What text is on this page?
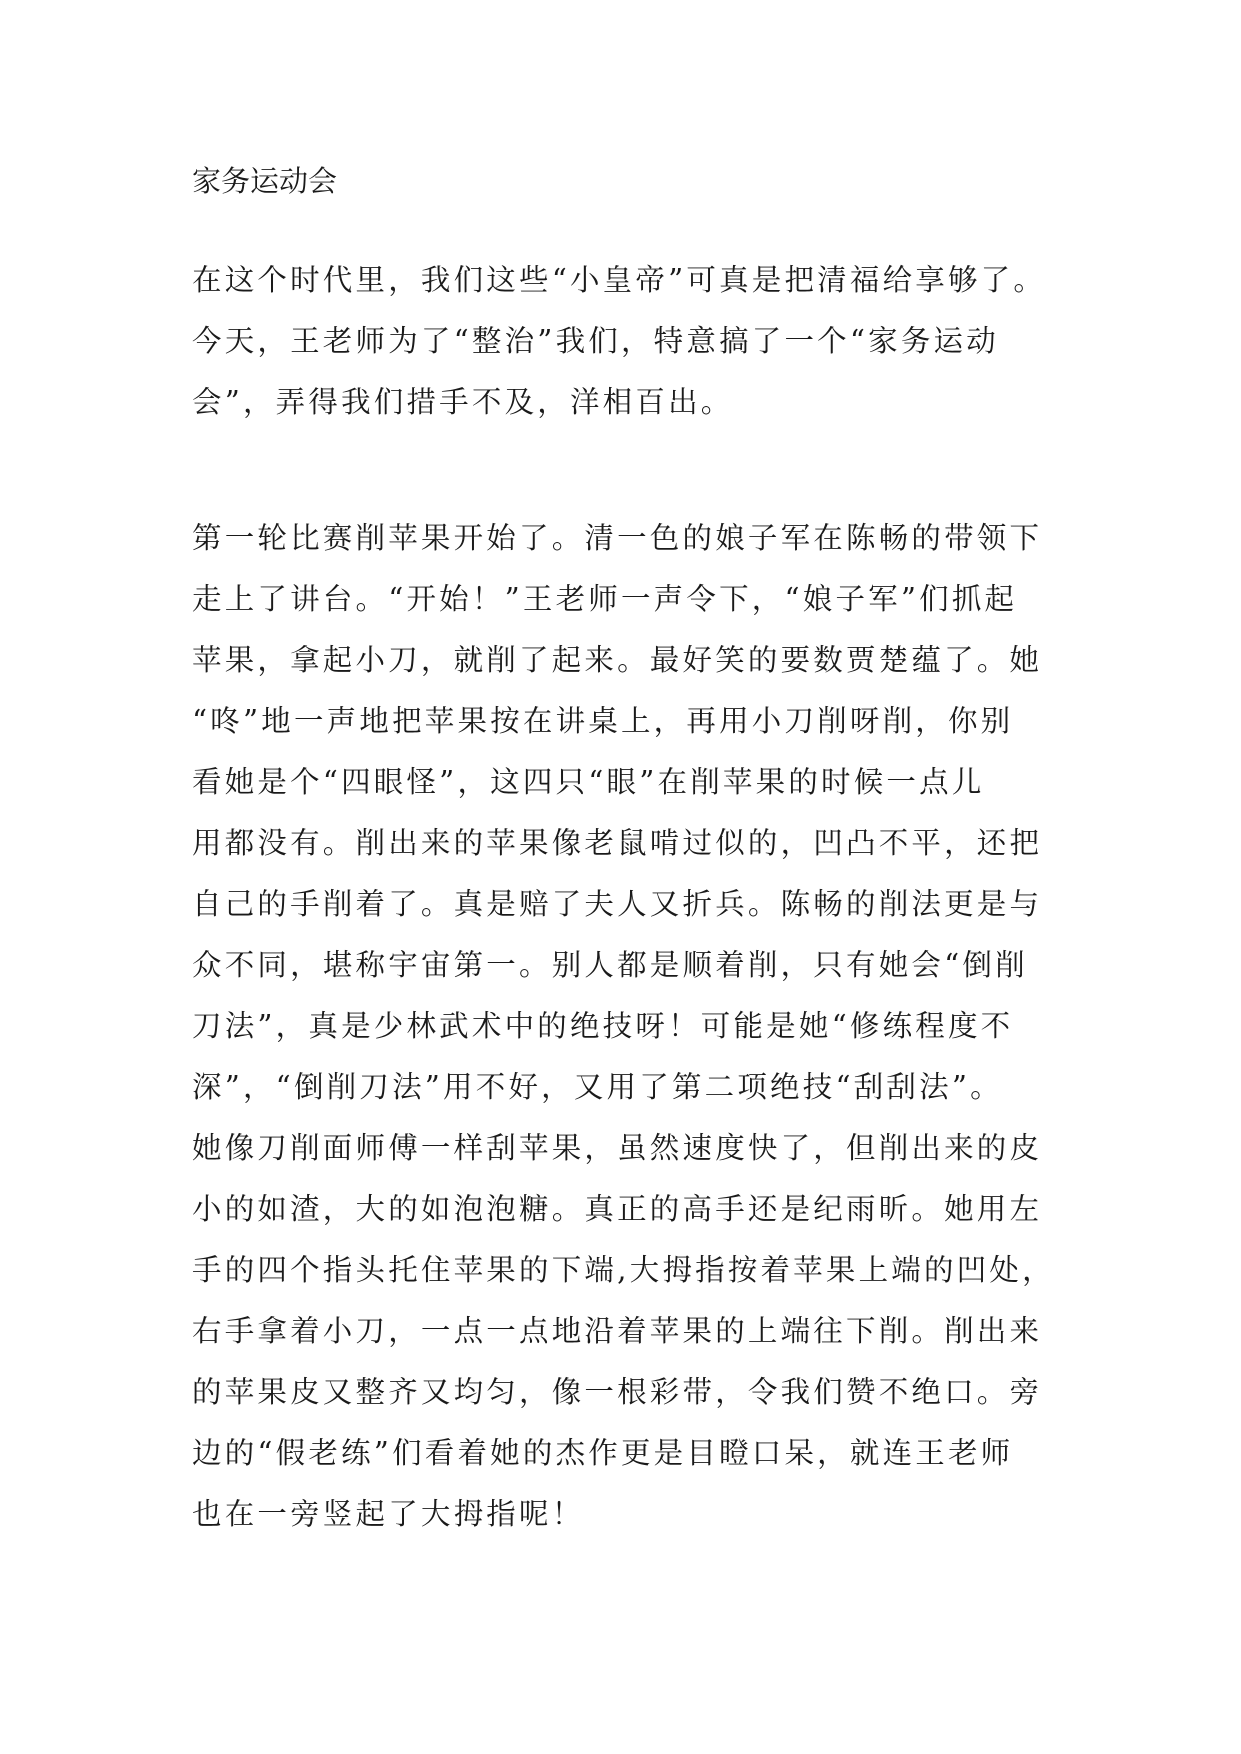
家务运动会

在这个时代里，我们这些“小皇帝”可真是把清福给享够了。
今天，王老师为了“整治”我们，特意搞了一个“家务运动
会”，弄得我们措手不及，洋相百出。

第一轮比赛削苹果开始了。清一色的娘子军在陈畅的带领下
走上了讲台。“开始！”王老师一声令下，“娘子军”们抓起
苹果，拿起小刀，就削了起来。最好笑的要数贾楚蕴了。她
“咚”地一声地把苹果按在讲桌上，再用小刀削呀削，你别
看她是个“四眼怪”，这四只“眼”在削苹果的时候一点儿
用都没有。削出来的苹果像老鼠啃过似的，凹凸不平，还把
自己的手削着了。真是赔了夫人又折兵。陈畅的削法更是与
众不同，堪称宇宙第一。别人都是顺着削，只有她会“倒削
刀法”，真是少林武术中的绝技呀！可能是她“修练程度不
深”，“倒削刀法”用不好，又用了第二项绝技“刮刮法”。
她像刀削面师傅一样刮苹果，虽然速度快了，但削出来的皮
小的如渣，大的如泡泡糖。真正的高手还是纪雨昕。她用左
手的四个指头托住苹果的下端,大拇指按着苹果上端的凹处，
右手拿着小刀，一点一点地沿着苹果的上端往下削。削出来
的苹果皮又整齐又均匀，像一根彩带，令我们赞不绝口。旁
边的“假老练”们看着她的杰作更是目瞪口呆，就连王老师
也在一旁竖起了大拇指呢！
